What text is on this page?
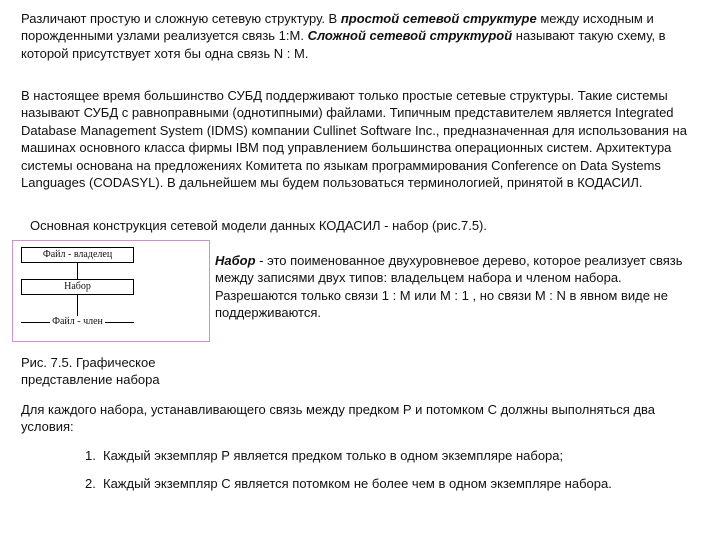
Различают простую и сложную сетевую структуру. В простой сетевой структуре между исходным и порожденными узлами реализуется связь 1:М. Сложной сетевой структурой называют такую схему, в которой присутствует хотя бы одна связь N : М.

В настоящее время большинство СУБД поддерживают только простые сетевые структуры. Такие системы называют СУБД с равноправными (однотипными) файлами. Типичным представителем является Integrated Database Management System (IDMS) компании Cullinet Software Inc., предназначенная для использования на машинах основного класса фирмы IBM под управлением большинства операционных систем. Архитектура системы основана на предложениях Комитета по языкам программирования Conference on Data Systems Languages (CODASYL). В дальнейшем мы будем пользоваться терминологией, принятой в КОДАСИЛ.

Основная конструкция сетевой модели данных КОДАСИЛ - набор (рис.7.5).

Файл - владелец
Набор
Файл - член

Набор - это поименованное двухуровневое дерево, которое реализует связь между записями двух типов: владельцем набора и членом набора. Разрешаются только связи 1 : М или М : 1 , но связи М : N в явном виде не поддерживаются.

Рис. 7.5. Графическое представление набора

Для каждого набора, устанавливающего связь между предком Р и потомком С должны выполняться два условия:

1. Каждый экземпляр Р является предком только в одном экземпляре набора;
2. Каждый экземпляр С является потомком не более чем в одном экземпляре набора.
